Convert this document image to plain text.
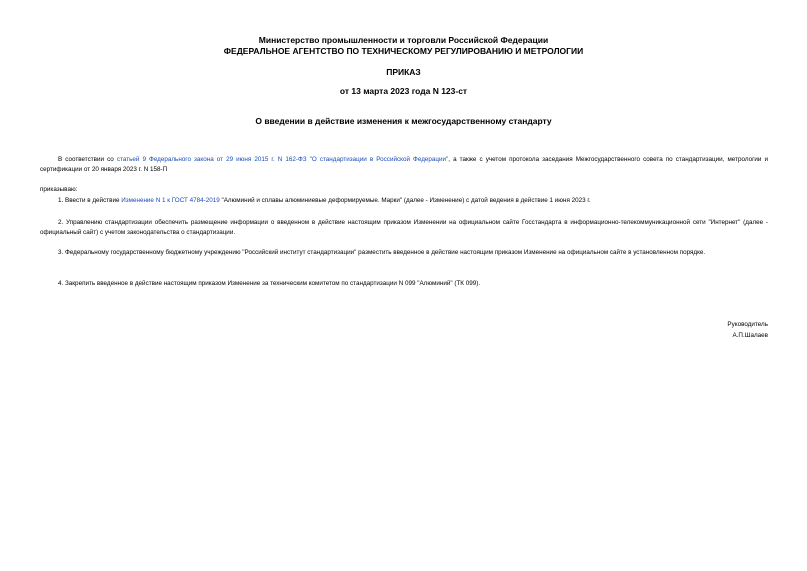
Министерство промышленности и торговли Российской Федерации
ФЕДЕРАЛЬНОЕ АГЕНТСТВО ПО ТЕХНИЧЕСКОМУ РЕГУЛИРОВАНИЮ И МЕТРОЛОГИИ
ПРИКАЗ
от 13 марта 2023 года N 123-ст
О введении в действие изменения к межгосударственному стандарту
В соответствии со статьей 9 Федерального закона от 29 июня 2015 г. N 162-ФЗ "О стандартизации в Российской Федерации", а также с учетом протокола заседания Межгосударственного совета по стандартизации, метрологии и сертификации от 20 января 2023 г. N 158-П
приказываю:
1. Ввести в действие Изменение N 1 к ГОСТ 4784-2019 "Алюминий и сплавы алюминиевые деформируемые. Марки" (далее - Изменение) с датой ведения в действие 1 июня 2023 г.
2. Управлению стандартизации обеспечить размещение информации о введенном в действие настоящим приказом Изменении на официальном сайте Госстандарта в информационно-телекоммуникационной сети "Интернет" (далее - официальный сайт) с учетом законодательства о стандартизации.
3. Федеральному государственному бюджетному учреждению "Российский институт стандартизации" разместить введенное в действие настоящим приказом Изменение на официальном сайте в установленном порядке.
4. Закрепить введенное в действие настоящим приказом Изменение за техническим комитетом по стандартизации N 099 "Алюминий" (ТК 099).
Руководитель
А.П.Шалаев
